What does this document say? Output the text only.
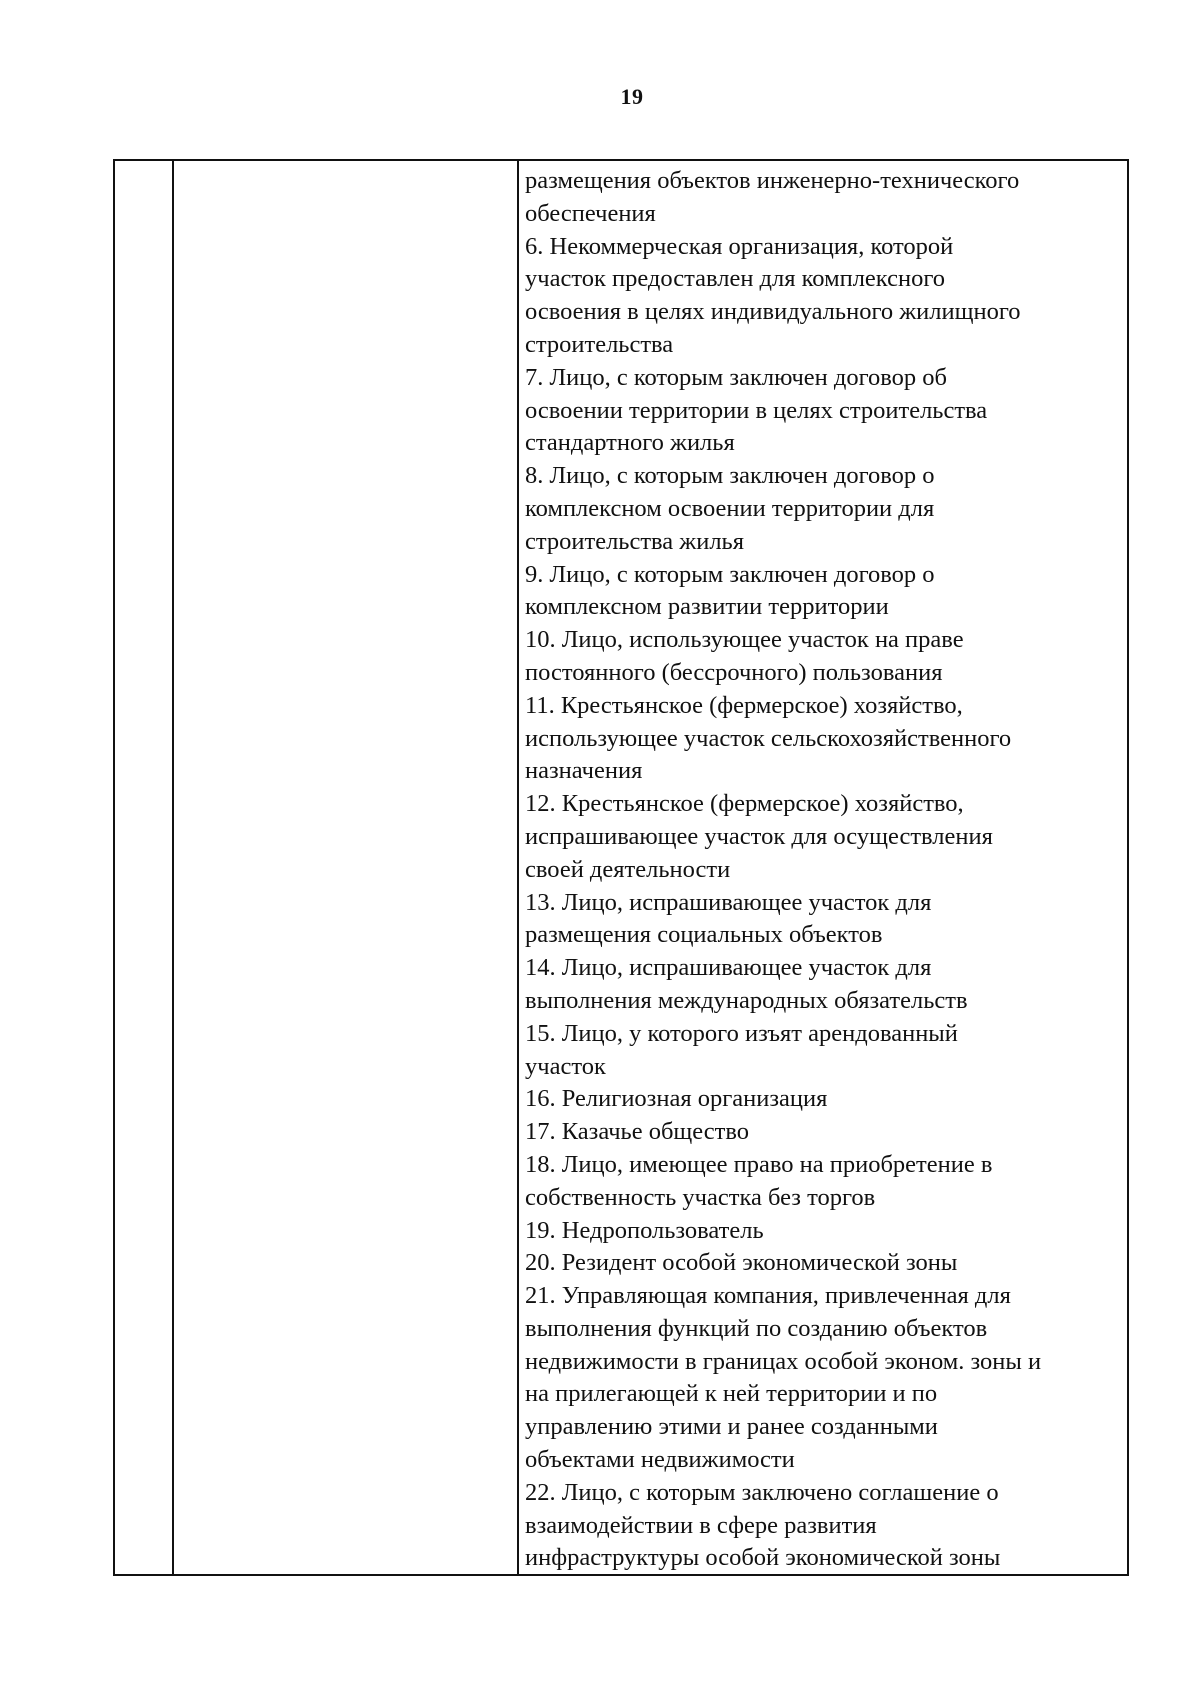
19
размещения объектов инженерно-технического
обеспечения
6. Некоммерческая организация, которой
участок предоставлен для комплексного
освоения в целях индивидуального жилищного
строительства
7. Лицо, с которым заключен договор об
освоении территории в целях строительства
стандартного жилья
8. Лицо, с которым заключен договор о
комплексном освоении территории для
строительства жилья
9. Лицо, с которым заключен договор о
комплексном развитии территории
10. Лицо, использующее участок на праве
постоянного (бессрочного) пользования
11. Крестьянское (фермерское) хозяйство,
использующее участок сельскохозяйственного
назначения
12. Крестьянское (фермерское) хозяйство,
испрашивающее участок для осуществления
своей деятельности
13. Лицо, испрашивающее участок для
размещения социальных объектов
14. Лицо, испрашивающее участок для
выполнения международных обязательств
15. Лицо, у которого изъят арендованный
участок
16. Религиозная организация
17. Казачье общество
18. Лицо, имеющее право на приобретение в
собственность участка без торгов
19. Недропользователь
20. Резидент особой экономической зоны
21. Управляющая компания, привлеченная для
выполнения функций по созданию объектов
недвижимости в границах особой эконом. зоны и
на прилегающей к ней территории и по
управлению этими и ранее созданными
объектами недвижимости
22. Лицо, с которым заключено соглашение о
взаимодействии в сфере развития
инфраструктуры особой экономической зоны
